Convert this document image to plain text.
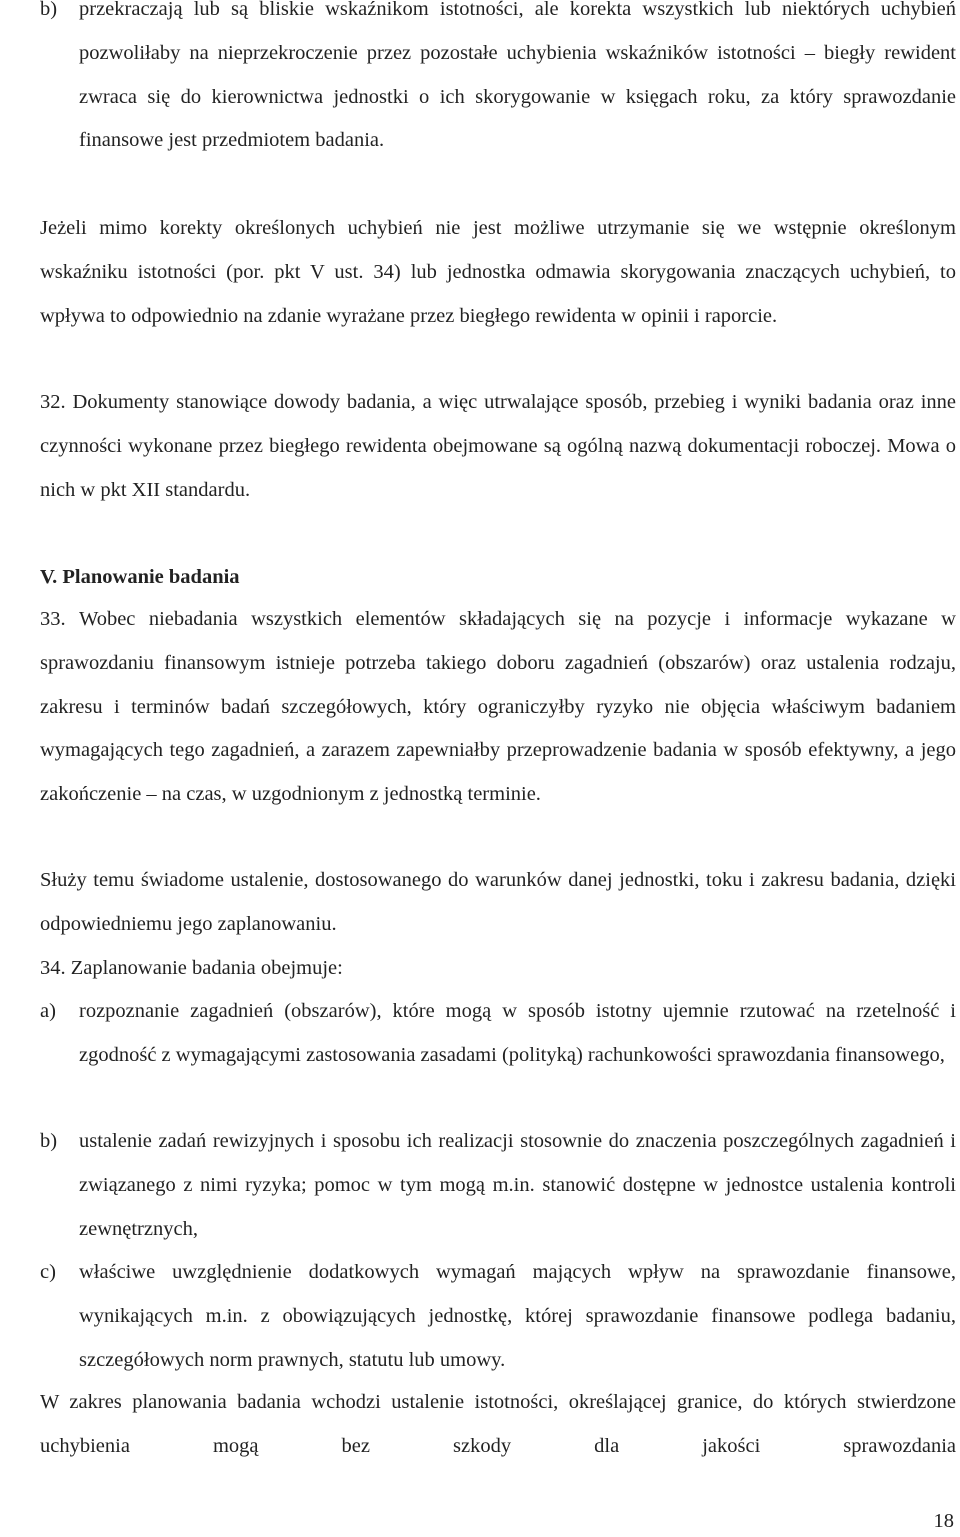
b)	przekraczają lub są bliskie wskaźnikom istotności, ale korekta wszystkich lub niektórych uchybień pozwoliłaby na nieprzekroczenie przez pozostałe uchybienia wskaźników istotności – biegły rewident zwraca się do kierownictwa jednostki o ich skorygowanie w księgach roku, za który sprawozdanie finansowe jest przedmiotem badania.

Jeżeli mimo korekty określonych uchybień nie jest możliwe utrzymanie się we wstępnie określonym wskaźniku istotności (por. pkt V ust. 34) lub jednostka odmawia skorygowania znaczących uchybień, to wpływa to odpowiednio na zdanie wyrażane przez biegłego rewidenta w opinii i raporcie.

32. Dokumenty stanowiące dowody badania, a więc utrwalające sposób, przebieg i wyniki badania oraz inne czynności wykonane przez biegłego rewidenta obejmowane są ogólną nazwą dokumentacji roboczej. Mowa o nich w pkt XII standardu.

V. Planowanie badania
33. Wobec niebadania wszystkich elementów składających się na pozycje i informacje wykazane w sprawozdaniu finansowym istnieje potrzeba takiego doboru zagadnień (obszarów) oraz ustalenia rodzaju, zakresu i terminów badań szczegółowych, który ograniczyłby ryzyko nie objęcia właściwym badaniem wymagających tego zagadnień, a zarazem zapewniałby przeprowadzenie badania w sposób efektywny, a jego zakończenie – na czas, w uzgodnionym z jednostką terminie.

Służy temu świadome ustalenie, dostosowanego do warunków danej jednostki, toku i zakresu badania, dzięki odpowiedniemu jego zaplanowaniu.

34. Zaplanowanie badania obejmuje:

a)	rozpoznanie zagadnień (obszarów), które mogą w sposób istotny ujemnie rzutować na rzetelność i zgodność z wymagającymi zastosowania zasadami (polityką) rachunkowości sprawozdania finansowego,

b)	ustalenie zadań rewizyjnych i sposobu ich realizacji stosownie do znaczenia poszczególnych zagadnień i związanego z nimi ryzyka; pomoc w tym mogą m.in. stanowić dostępne w jednostce ustalenia kontroli zewnętrznych,

c)	właściwe uwzględnienie dodatkowych wymagań mających wpływ na sprawozdanie finansowe, wynikających m.in. z obowiązujących jednostkę, której sprawozdanie finansowe podlega badaniu, szczegółowych norm prawnych, statutu lub umowy.

W zakres planowania badania wchodzi ustalenie istotności, określającej granice, do których stwierdzone uchybienia mogą bez szkody dla jakości sprawozdania

18
